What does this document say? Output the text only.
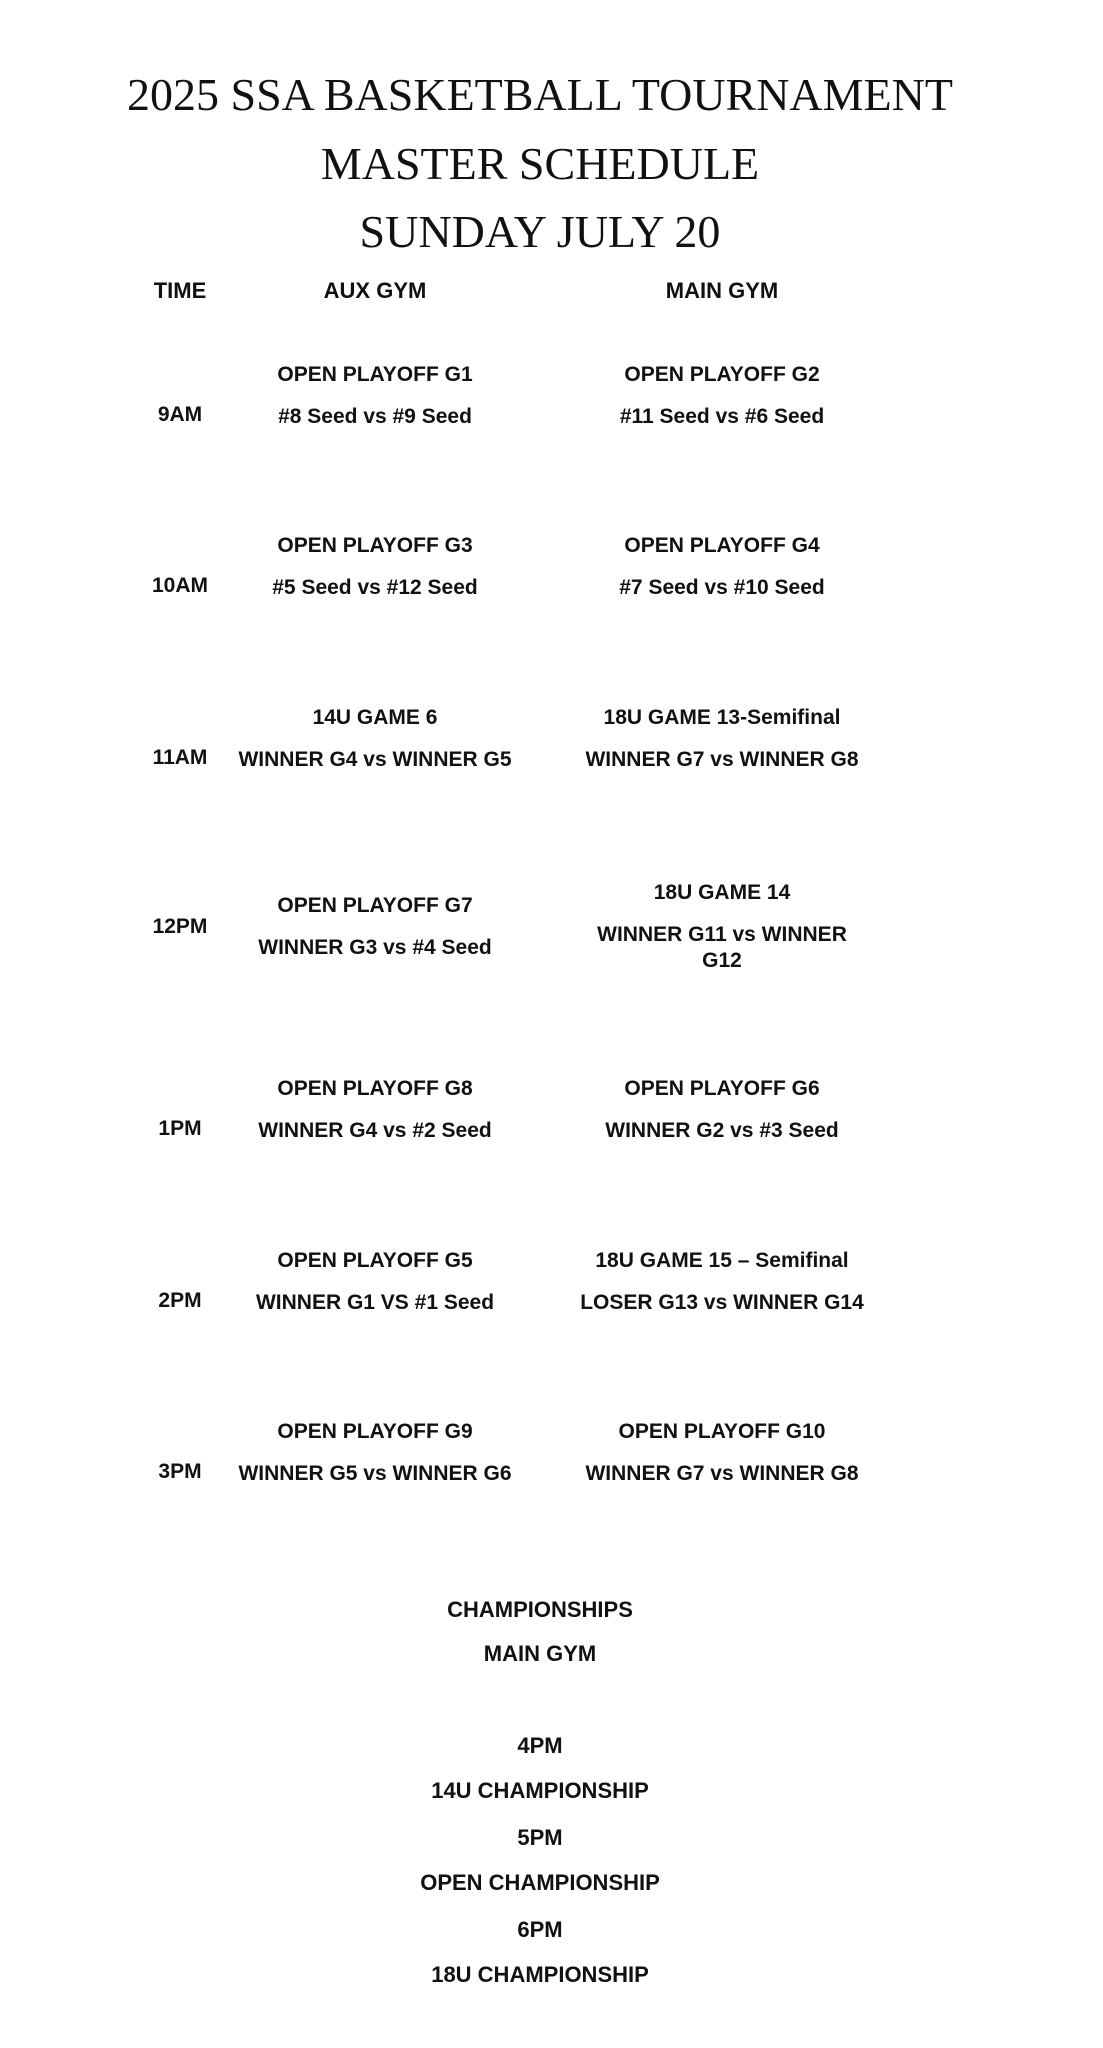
2025 SSA BASKETBALL TOURNAMENT
MASTER SCHEDULE
SUNDAY JULY 20
TIME	AUX GYM	MAIN GYM
9AM
OPEN PLAYOFF G1
#8 Seed vs #9 Seed
OPEN PLAYOFF G2
#11 Seed vs #6 Seed
10AM
OPEN PLAYOFF G3
#5 Seed vs #12 Seed
OPEN PLAYOFF G4
#7 Seed vs #10 Seed
11AM
14U GAME 6
WINNER G4 vs WINNER G5
18U GAME 13-Semifinal
WINNER G7 vs WINNER G8
12PM
OPEN PLAYOFF G7
WINNER G3 vs #4 Seed
18U GAME 14
WINNER G11 vs WINNER G12
1PM
OPEN PLAYOFF G8
WINNER G4 vs #2 Seed
OPEN PLAYOFF G6
WINNER G2 vs #3 Seed
2PM
OPEN PLAYOFF G5
WINNER G1 VS #1 Seed
18U GAME 15 – Semifinal
LOSER G13 vs WINNER G14
3PM
OPEN PLAYOFF G9
WINNER G5 vs WINNER G6
OPEN PLAYOFF G10
WINNER G7 vs WINNER G8
CHAMPIONSHIPS
MAIN GYM
4PM
14U CHAMPIONSHIP
5PM
OPEN CHAMPIONSHIP
6PM
18U CHAMPIONSHIP
